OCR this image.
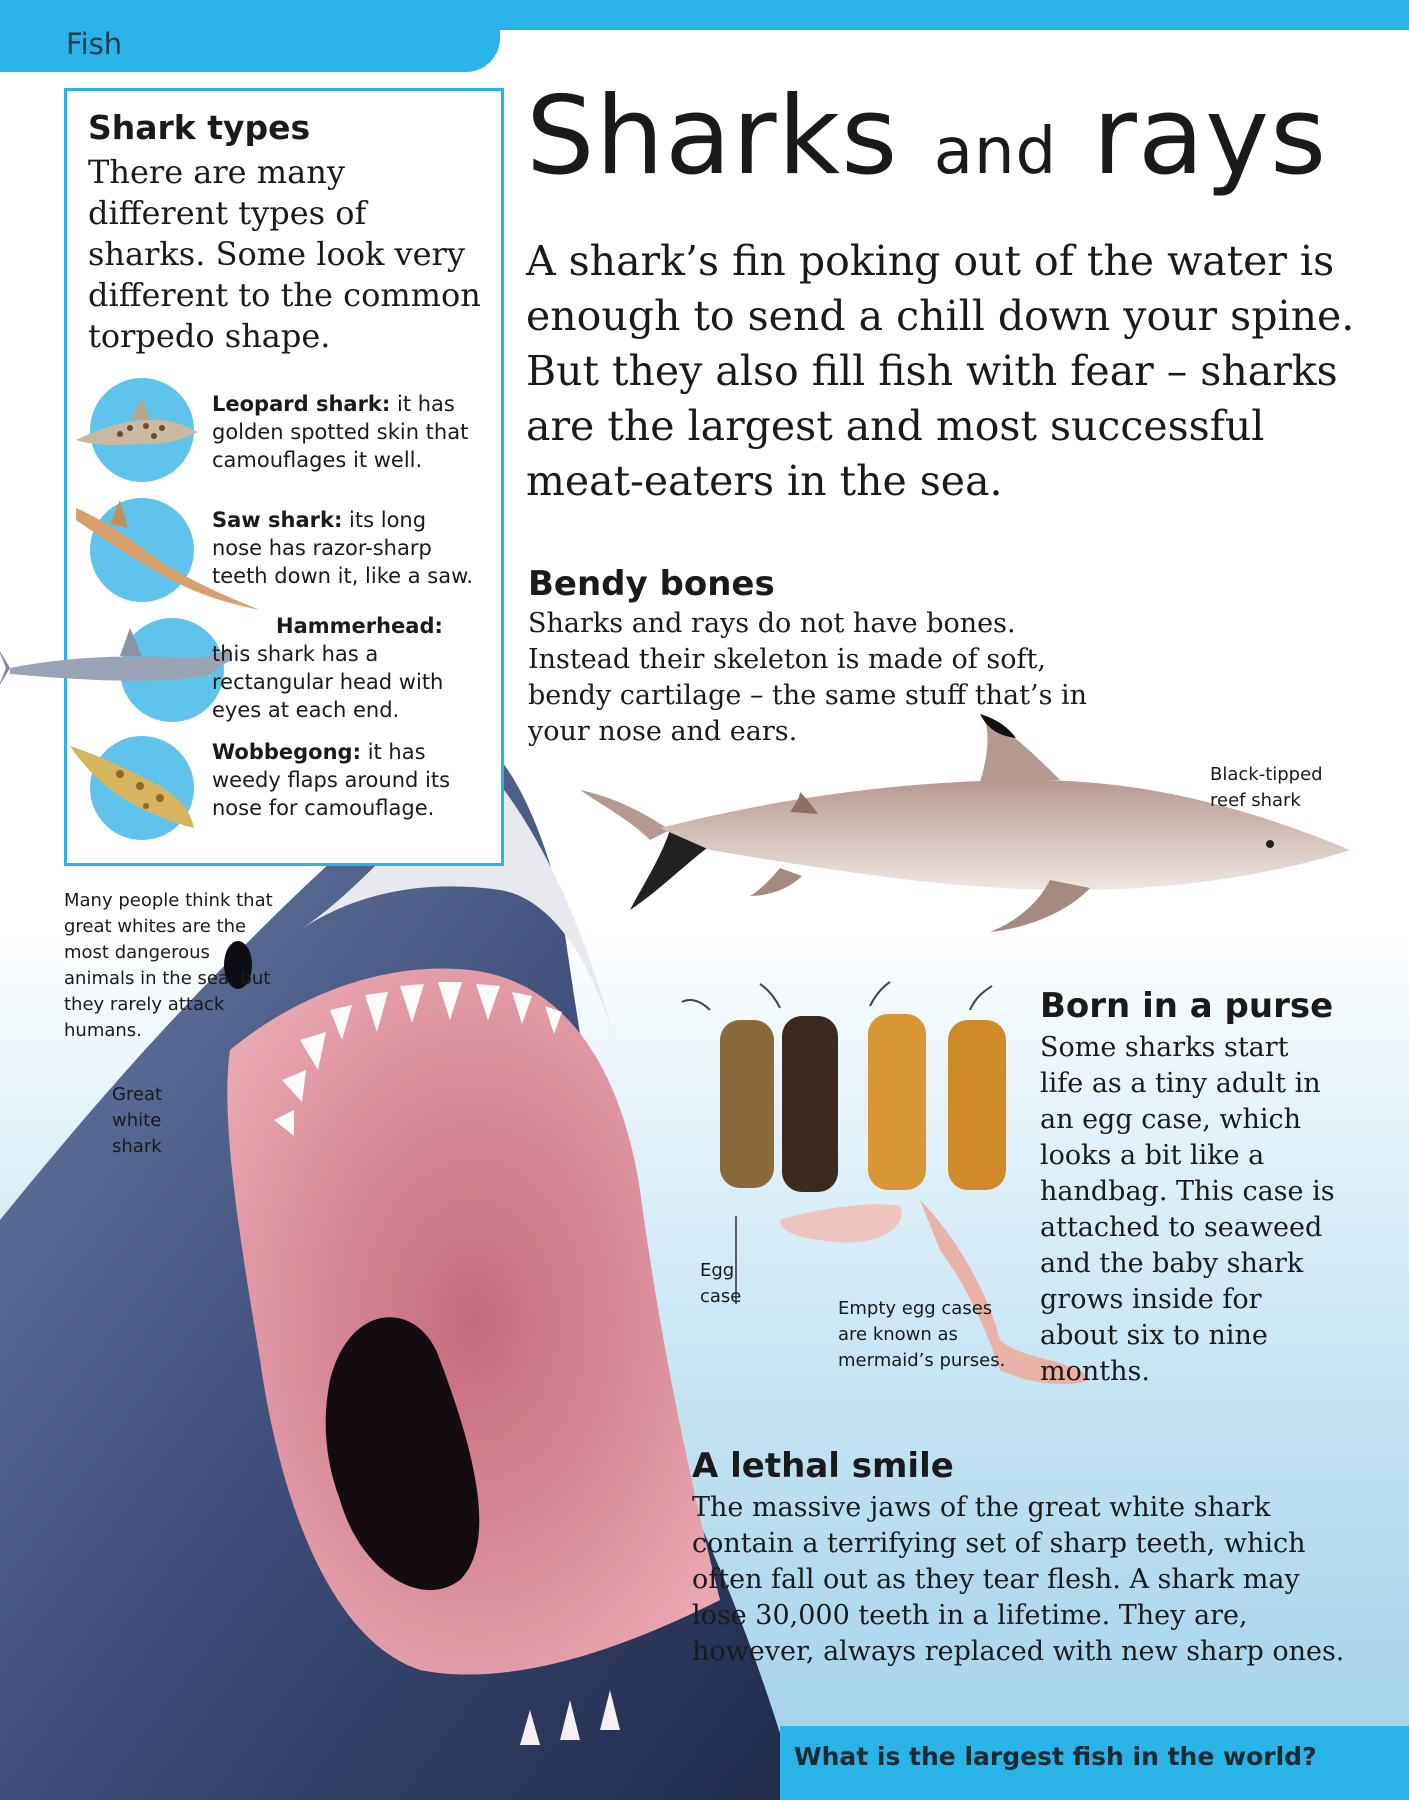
Fish
Shark types
There are many different types of sharks. Some look very different to the common torpedo shape.
Leopard shark: it has golden spotted skin that camouflages it well.
Saw shark: its long nose has razor-sharp teeth down it, like a saw.
Hammerhead: this shark has a rectangular head with eyes at each end.
Wobbegong: it has weedy flaps around its nose for camouflage.
Sharks and rays
A shark’s fin poking out of the water is enough to send a chill down your spine. But they also fill fish with fear – sharks are the largest and most successful meat-eaters in the sea.
Bendy bones
Sharks and rays do not have bones. Instead their skeleton is made of soft, bendy cartilage – the same stuff that’s in your nose and ears.
Black-tipped reef shark
Egg case
Empty egg cases are known as mermaid’s purses.
Born in a purse
Some sharks start life as a tiny adult in an egg case, which looks a bit like a handbag. This case is attached to seaweed and the baby shark grows inside for about six to nine months.
Many people think that great whites are the most dangerous animals in the sea, but they rarely attack humans.
Great white shark
A lethal smile
The massive jaws of the great white shark contain a terrifying set of sharp teeth, which often fall out as they tear flesh. A shark may lose 30,000 teeth in a lifetime. They are, however, always replaced with new sharp ones.
What is the largest fish in the world?
